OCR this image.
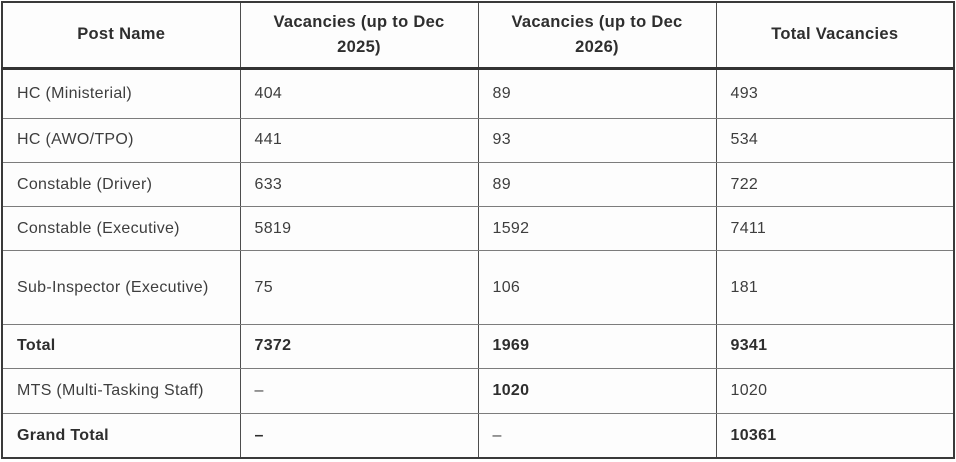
Post Name	Vacancies (up to Dec 2025)	Vacancies (up to Dec 2026)	Total Vacancies
HC (Ministerial)	404	89	493
HC (AWO/TPO)	441	93	534
Constable (Driver)	633	89	722
Constable (Executive)	5819	1592	7411
Sub-Inspector (Executive)	75	106	181
Total	7372	1969	9341
MTS (Multi-Tasking Staff)	–	1020	1020
Grand Total	–	–	10361
